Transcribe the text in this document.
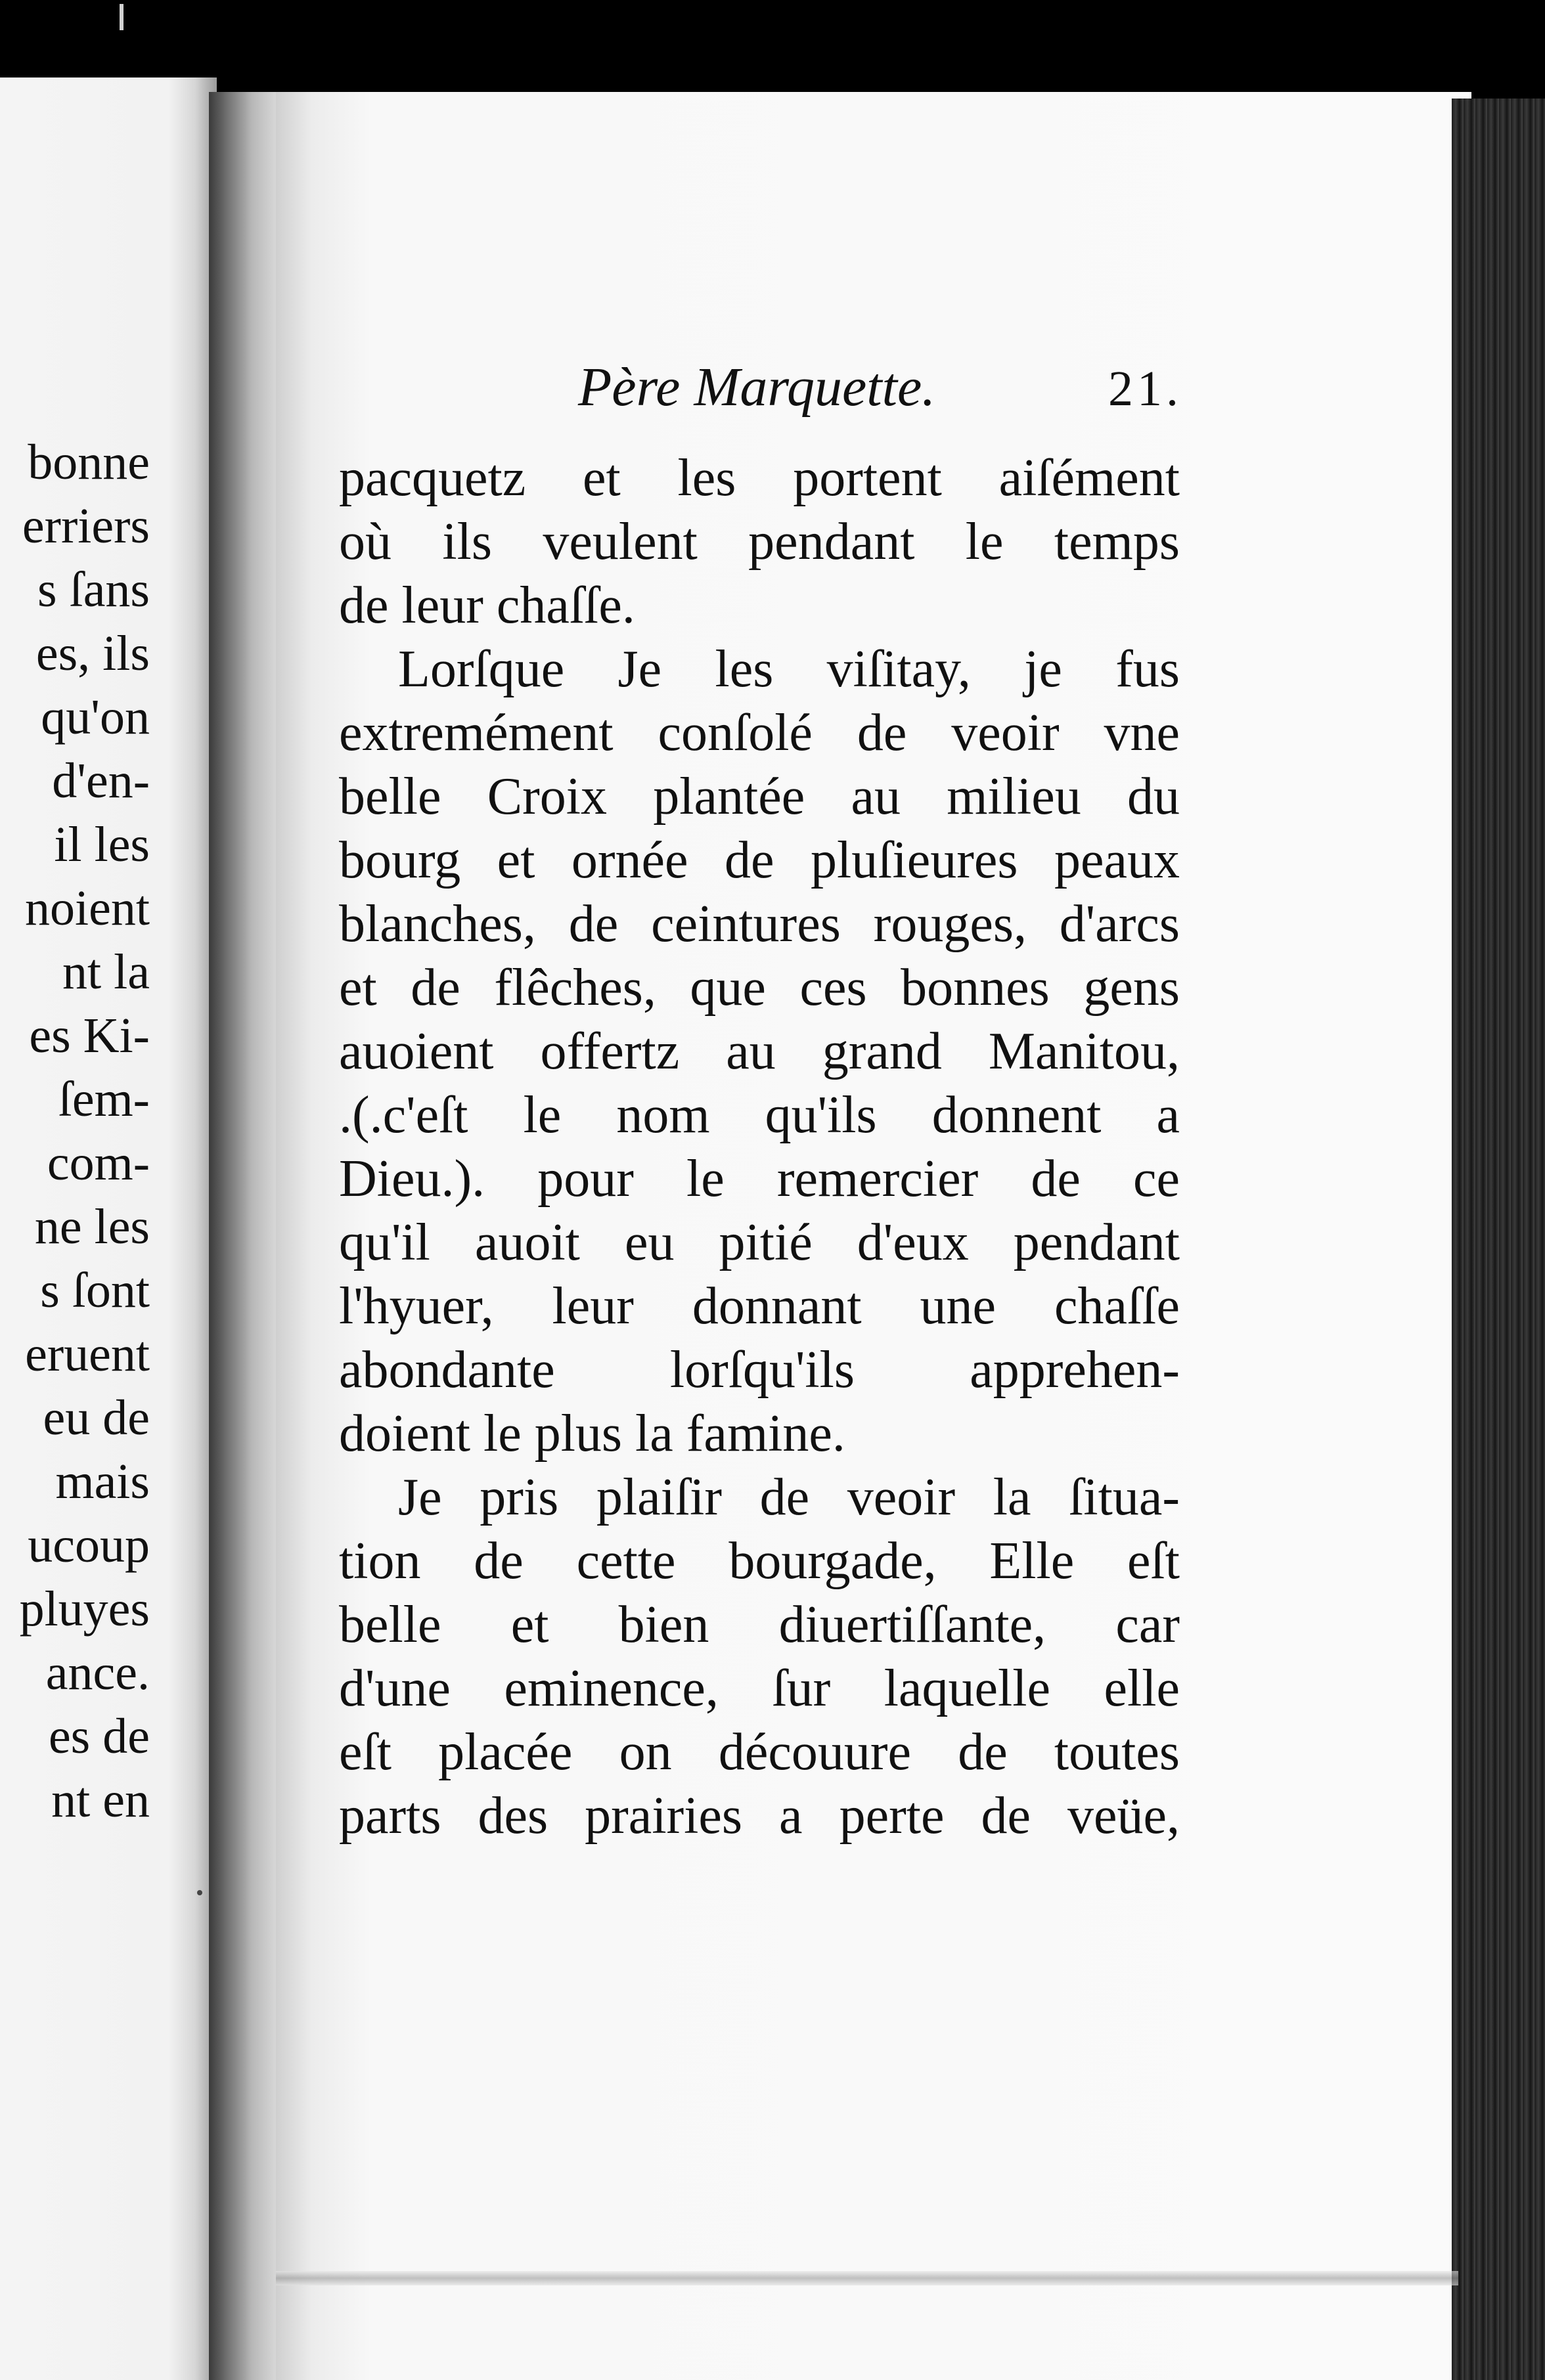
bonne
erriers
s ſans
es, ils
qu'on
d'en-
il les
noient
nt la
es Ki-
ſem-
com-
ne les
s ſont
eruent
eu de
mais
ucoup
pluyes
ance.
es de
nt en
Père Marquette.	21.
pacquetz et les portent aiſément
où ils veulent pendant le temps
de leur chaſſe.
Lorſque Je les viſitay, je fus
extremément conſolé de veoir vne
belle Croix plantée au milieu du
bourg et ornée de pluſieures peaux
blanches, de ceintures rouges, d'arcs
et de flêches, que ces bonnes gens
auoient offertz au grand Manitou,
.(.c'eſt le nom qu'ils donnent a
Dieu.). pour le remercier de ce
qu'il auoit eu pitié d'eux pendant
l'hyuer, leur donnant une chaſſe
abondante lorſqu'ils apprehen-
doient le plus la famine.
Je pris plaiſir de veoir la ſitua-
tion de cette bourgade, Elle eſt
belle et bien diuertiſſante, car
d'une eminence, ſur laquelle elle
eſt placée on découure de toutes
parts des prairies a perte de veüe,
